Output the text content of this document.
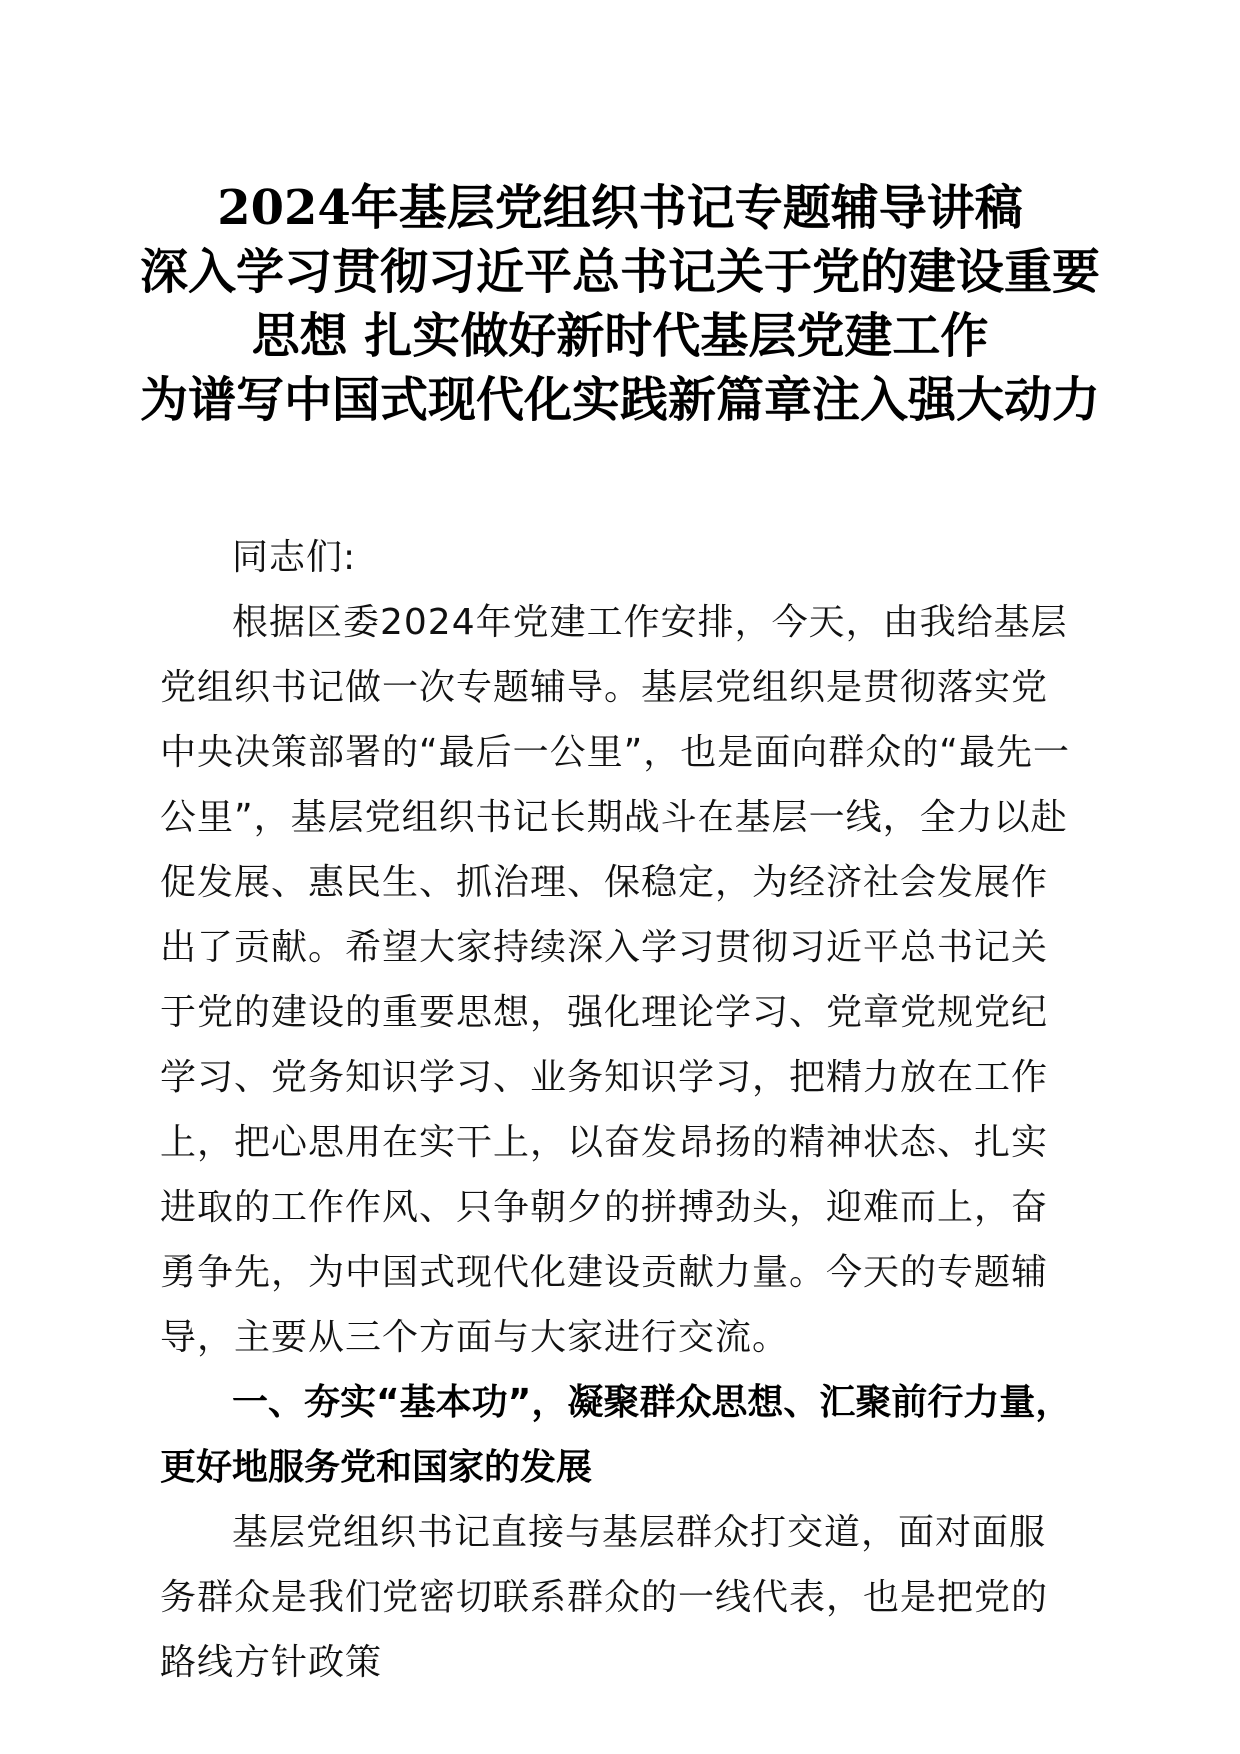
2024年基层党组织书记专题辅导讲稿
深入学习贯彻习近平总书记关于党的建设重要
思想 扎实做好新时代基层党建工作
为谱写中国式现代化实践新篇章注入强大动力

同志们:

根据区委2024年党建工作安排，今天，由我给基层党组织书记做一次专题辅导。基层党组织是贯彻落实党中央决策部署的“最后一公里”，也是面向群众的“最先一公里”，基层党组织书记长期战斗在基层一线，全力以赴促发展、惠民生、抓治理、保稳定，为经济社会发展作出了贡献。希望大家持续深入学习贯彻习近平总书记关于党的建设的重要思想，强化理论学习、党章党规党纪学习、党务知识学习、业务知识学习，把精力放在工作上，把心思用在实干上，以奋发昂扬的精神状态、扎实进取的工作作风、只争朝夕的拼搏劲头，迎难而上，奋勇争先，为中国式现代化建设贡献力量。今天的专题辅导，主要从三个方面与大家进行交流。

一、夯实“基本功”，凝聚群众思想、汇聚前行力量，更好地服务党和国家的发展

基层党组织书记直接与基层群众打交道，面对面服务群众是我们党密切联系群众的一线代表，也是把党的路线方针政策
